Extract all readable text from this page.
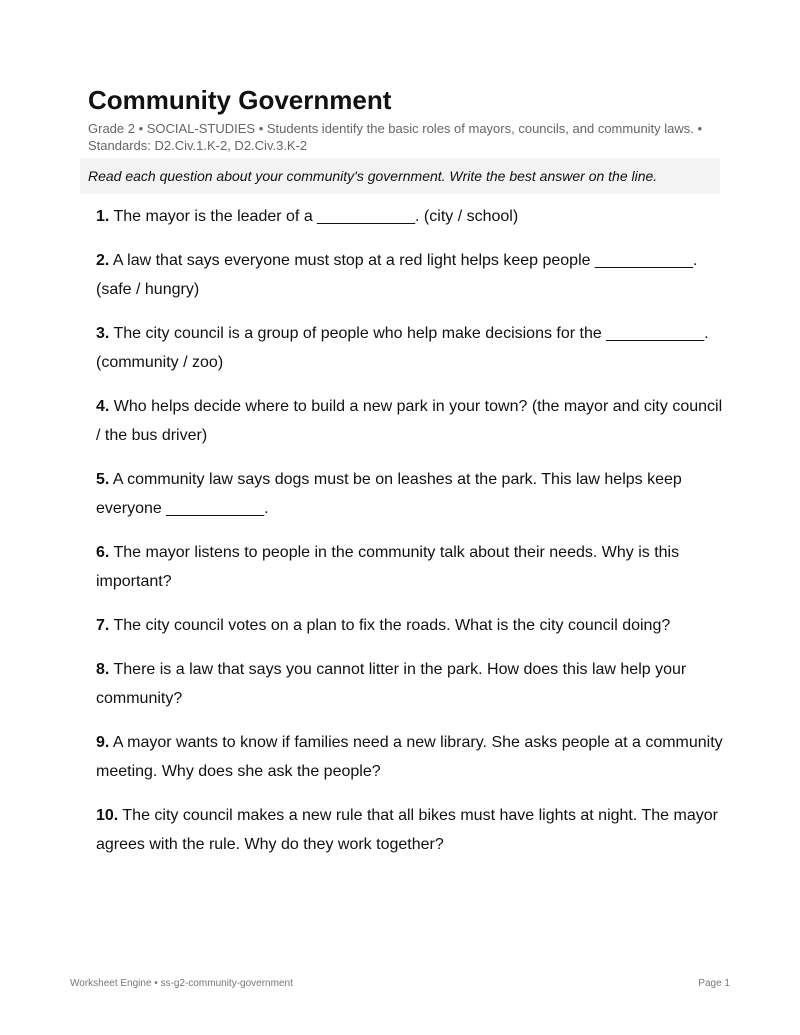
Community Government

Grade 2 • SOCIAL-STUDIES • Students identify the basic roles of mayors, councils, and community laws. • Standards: D2.Civ.1.K-2, D2.Civ.3.K-2

Read each question about your community's government. Write the best answer on the line.
1. The mayor is the leader of a ___________. (city / school)
2. A law that says everyone must stop at a red light helps keep people ___________. (safe / hungry)
3. The city council is a group of people who help make decisions for the ___________. (community / zoo)
4. Who helps decide where to build a new park in your town? (the mayor and city council / the bus driver)
5. A community law says dogs must be on leashes at the park. This law helps keep everyone ___________.
6. The mayor listens to people in the community talk about their needs. Why is this important?
7. The city council votes on a plan to fix the roads. What is the city council doing?
8. There is a law that says you cannot litter in the park. How does this law help your community?
9. A mayor wants to know if families need a new library. She asks people at a community meeting. Why does she ask the people?
10. The city council makes a new rule that all bikes must have lights at night. The mayor agrees with the rule. Why do they work together?
Worksheet Engine • ss-g2-community-government	Page 1
